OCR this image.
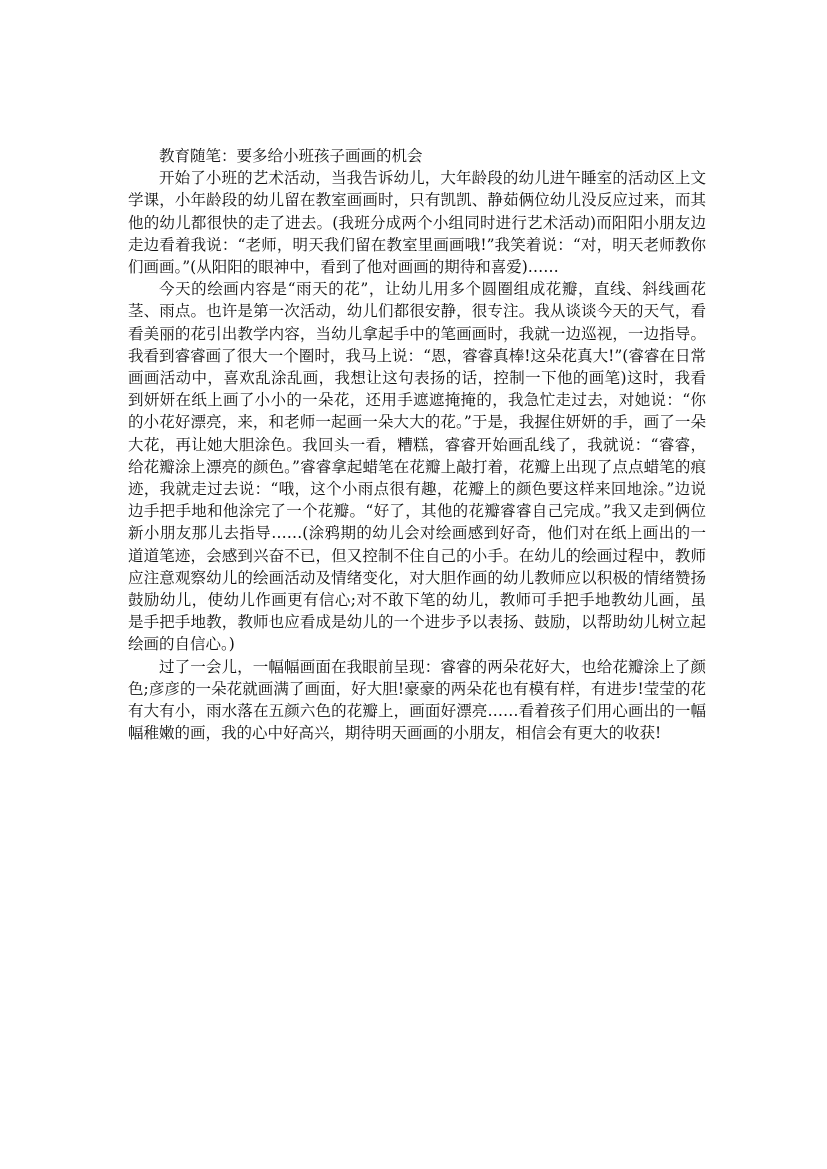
教育随笔：要多给小班孩子画画的机会

开始了小班的艺术活动，当我告诉幼儿，大年龄段的幼儿进午睡室的活动区上文学课，小年龄段的幼儿留在教室画画时，只有凯凯、静茹俩位幼儿没反应过来，而其他的幼儿都很快的走了进去。(我班分成两个小组同时进行艺术活动)而阳阳小朋友边走边看着我说：“老师，明天我们留在教室里画画哦!”我笑着说：“对，明天老师教你们画画。”(从阳阳的眼神中，看到了他对画画的期待和喜爱)……

今天的绘画内容是“雨天的花”，让幼儿用多个圆圈组成花瓣，直线、斜线画花茎、雨点。也许是第一次活动，幼儿们都很安静，很专注。我从谈谈今天的天气，看看美丽的花引出教学内容，当幼儿拿起手中的笔画画时，我就一边巡视，一边指导。我看到睿睿画了很大一个圈时，我马上说：“恩，睿睿真棒!这朵花真大!”(睿睿在日常画画活动中，喜欢乱涂乱画，我想让这句表扬的话，控制一下他的画笔)这时，我看到妍妍在纸上画了小小的一朵花，还用手遮遮掩掩的，我急忙走过去，对她说：“你的小花好漂亮，来，和老师一起画一朵大大的花。”于是，我握住妍妍的手，画了一朵大花，再让她大胆涂色。我回头一看，糟糕，睿睿开始画乱线了，我就说：“睿睿，给花瓣涂上漂亮的颜色。”睿睿拿起蜡笔在花瓣上敲打着，花瓣上出现了点点蜡笔的痕迹，我就走过去说：“哦，这个小雨点很有趣，花瓣上的颜色要这样来回地涂。”边说边手把手地和他涂完了一个花瓣。“好了，其他的花瓣睿睿自己完成。”我又走到俩位新小朋友那儿去指导……(涂鸦期的幼儿会对绘画感到好奇，他们对在纸上画出的一道道笔迹，会感到兴奋不已，但又控制不住自己的小手。在幼儿的绘画过程中，教师应注意观察幼儿的绘画活动及情绪变化，对大胆作画的幼儿教师应以积极的情绪赞扬鼓励幼儿，使幼儿作画更有信心;对不敢下笔的幼儿，教师可手把手地教幼儿画，虽是手把手地教，教师也应看成是幼儿的一个进步予以表扬、鼓励，以帮助幼儿树立起绘画的自信心。)

过了一会儿，一幅幅画面在我眼前呈现：睿睿的两朵花好大，也给花瓣涂上了颜色;彦彦的一朵花就画满了画面，好大胆!豪豪的两朵花也有模有样，有进步!莹莹的花有大有小，雨水落在五颜六色的花瓣上，画面好漂亮……看着孩子们用心画出的一幅幅稚嫩的画，我的心中好高兴，期待明天画画的小朋友，相信会有更大的收获!
